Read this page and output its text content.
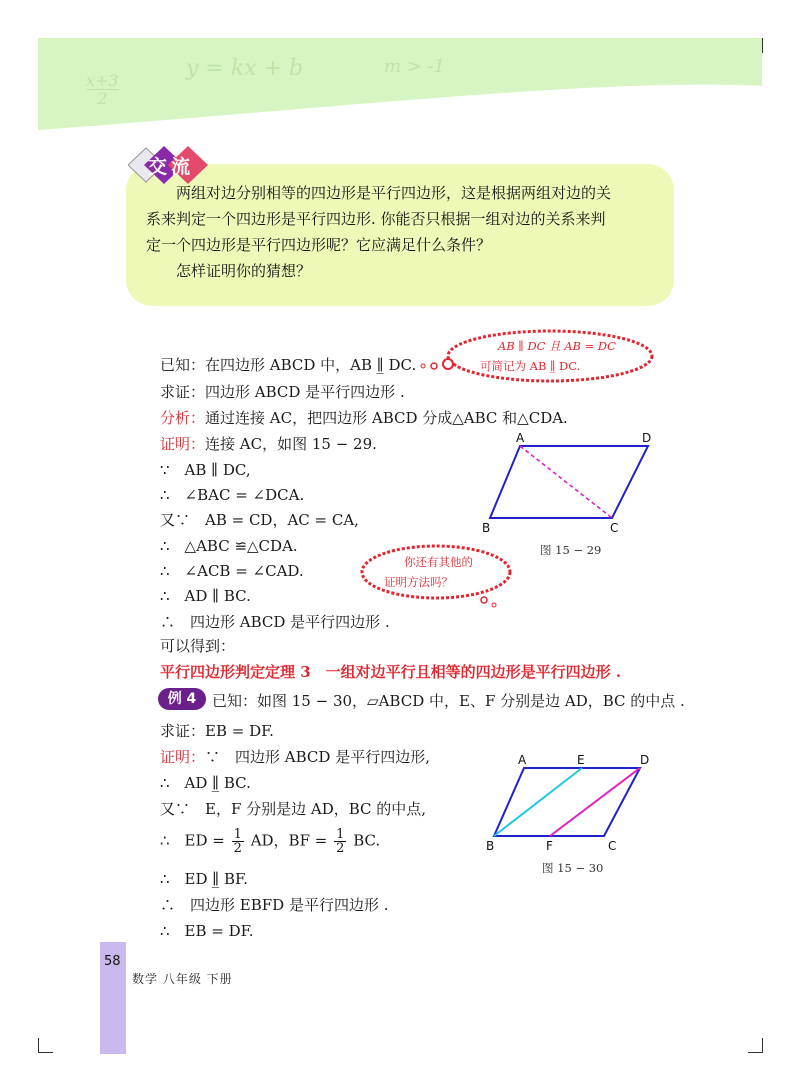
x+3
2
y = kx + b	m > -1
交流

两组对边分别相等的四边形是平行四边形，这是根据两组对边的关

系来判定一个四边形是平行四边形. 你能否只根据一组对边的关系来判

定一个四边形是平行四边形呢？它应满足什么条件？

怎样证明你的猜想？

AB ∥ DC 且 AB = DC
可简记为 AB ∥̲ DC.
已知：在四边形 ABCD 中，AB ∥̲ DC.
求证：四边形 ABCD 是平行四边形 .
分析：通过连接 AC，把四边形 ABCD 分成△ABC 和△CDA.
证明：连接 AC，如图 15 − 29.
∵　AB ∥ DC,
∴　∠BAC = ∠DCA.
又∵　AB = CD，AC = CA,
∴　△ABC ≌△CDA.
∴　∠ACB = ∠CAD.
∴　AD ∥ BC.
∴　四边形 ABCD 是平行四边形 .
可以得到：
平行四边形判定定理 3　一组对边平行且相等的四边形是平行四边形 .
A	D
B	C
图 15 − 29
你还有其他的
证明方法吗？
例 4	已知：如图 15 − 30，▱ABCD 中，E、F 分别是边 AD，BC 的中点 .
求证：EB = DF.
证明：∵　四边形 ABCD 是平行四边形,
∴　AD ∥̲ BC.
又∵　E，F 分别是边 AD，BC 的中点,
∴　ED = $\frac{1}{2}$ AD，BF = $\frac{1}{2}$ BC.
∴　ED ∥̲ BF.
∴　四边形 EBFD 是平行四边形 .
∴　EB = DF.
A	E	D
B	F	C
图 15 − 30
58
数学 八年级 下册
